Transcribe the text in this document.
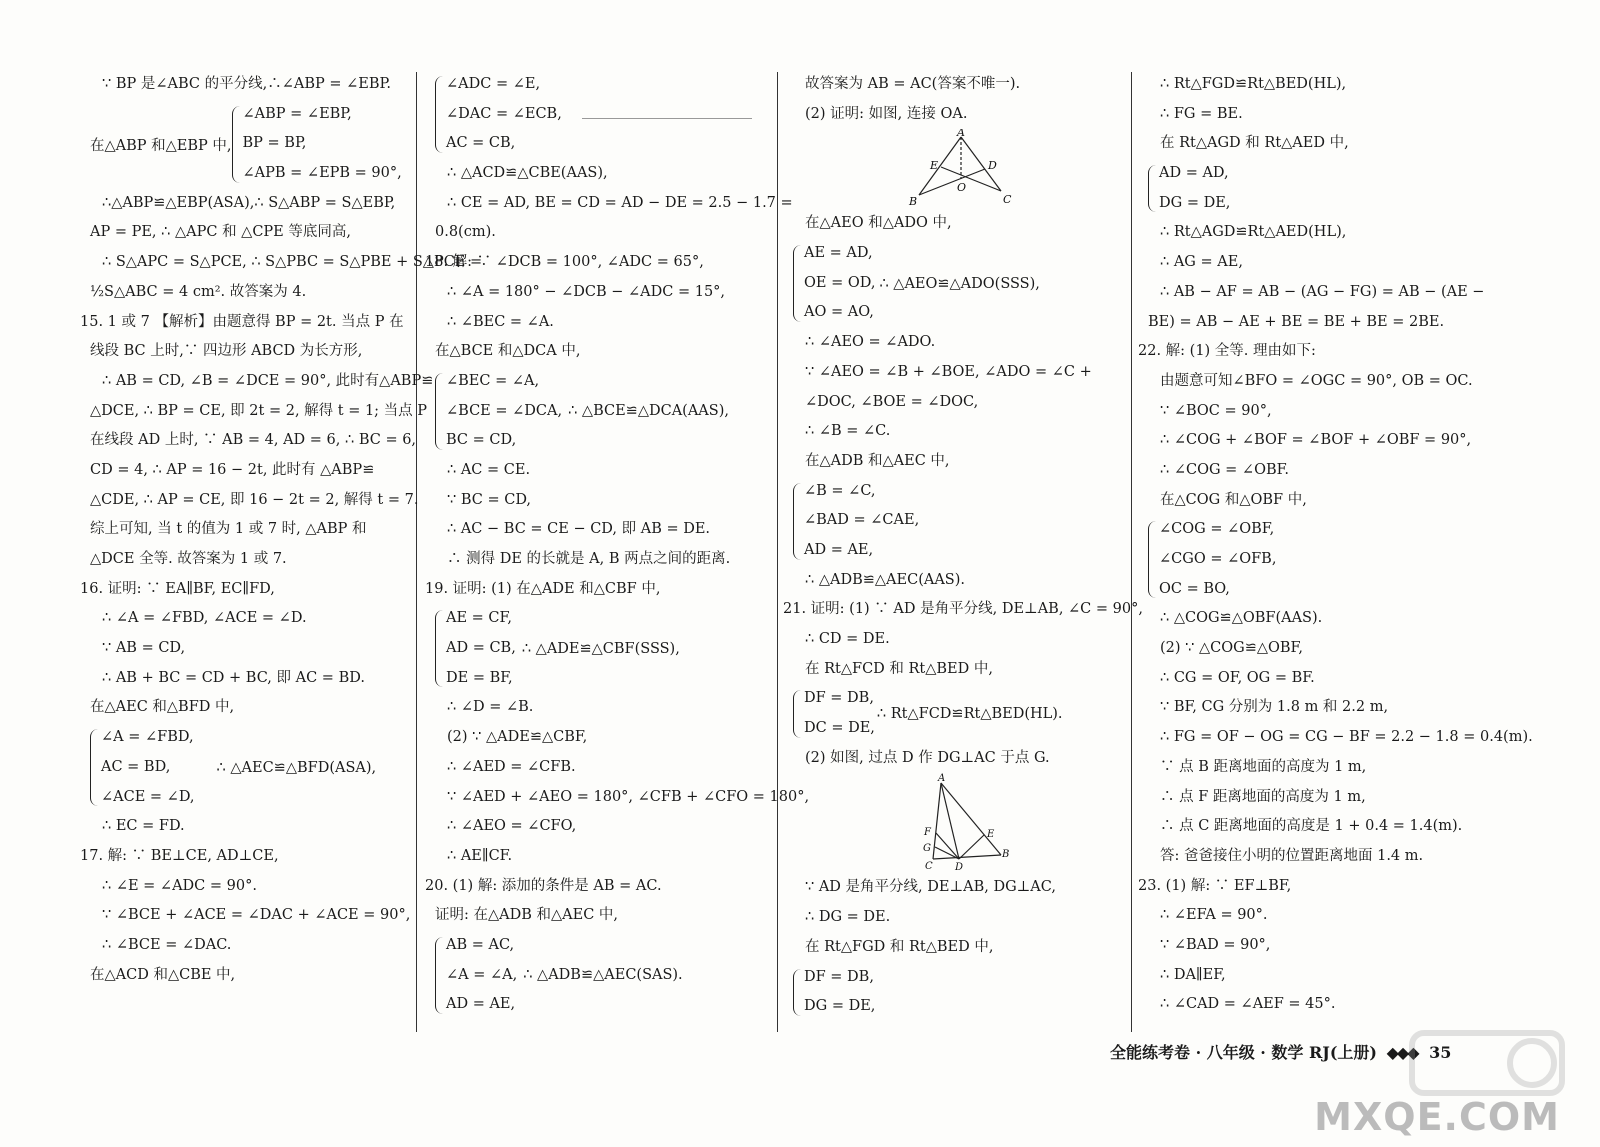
∵ BP 是∠ABC 的平分线,∴∠ABP = ∠EBP.
在△ABP 和△EBP 中,
∠ABP = ∠EBP,
BP = BP,
∠APB = ∠EPB = 90°,
∴△ABP≌△EBP(ASA),∴ S△ABP = S△EBP,
AP = PE, ∴ △APC 和 △CPE 等底同高,
∴ S△APC = S△PCE, ∴ S△PBC = S△PBE + S△PCE =
½S△ABC = 4 cm². 故答案为 4.
15. 1 或 7 【解析】由题意得 BP = 2t. 当点 P 在
线段 BC 上时,∵ 四边形 ABCD 为长方形,
∴ AB = CD, ∠B = ∠DCE = 90°, 此时有△ABP≌
△DCE, ∴ BP = CE, 即 2t = 2, 解得 t = 1; 当点 P
在线段 AD 上时, ∵ AB = 4, AD = 6, ∴ BC = 6,
CD = 4, ∴ AP = 16 − 2t, 此时有 △ABP≌
△CDE, ∴ AP = CE, 即 16 − 2t = 2, 解得 t = 7.
综上可知, 当 t 的值为 1 或 7 时, △ABP 和
△DCE 全等. 故答案为 1 或 7.
16. 证明: ∵ EA∥BF, EC∥FD,
∴ ∠A = ∠FBD, ∠ACE = ∠D.
∵ AB = CD,
∴ AB + BC = CD + BC, 即 AC = BD.
在△AEC 和△BFD 中,
∠A = ∠FBD,
AC = BD,
∠ACE = ∠D,
∴ △AEC≌△BFD(ASA),
∴ EC = FD.
17. 解: ∵ BE⊥CE, AD⊥CE,
∴ ∠E = ∠ADC = 90°.
∵ ∠BCE + ∠ACE = ∠DAC + ∠ACE = 90°,
∴ ∠BCE = ∠DAC.
在△ACD 和△CBE 中,
∠ADC = ∠E,
∠DAC = ∠ECB,
AC = CB,
∴ △ACD≌△CBE(AAS),
∴ CE = AD, BE = CD = AD − DE = 2.5 − 1.7 =
0.8(cm).
18. 解: ∵ ∠DCB = 100°, ∠ADC = 65°,
∴ ∠A = 180° − ∠DCB − ∠ADC = 15°,
∴ ∠BEC = ∠A.
在△BCE 和△DCA 中,
∠BEC = ∠A,
∠BCE = ∠DCA,
BC = CD,
∴ △BCE≌△DCA(AAS),
∴ AC = CE.
∵ BC = CD,
∴ AC − BC = CE − CD, 即 AB = DE.
∴ 测得 DE 的长就是 A, B 两点之间的距离.
19. 证明: (1) 在△ADE 和△CBF 中,
AE = CF,
AD = CB,
DE = BF,
∴ △ADE≌△CBF(SSS),
∴ ∠D = ∠B.
(2) ∵ △ADE≌△CBF,
∴ ∠AED = ∠CFB.
∵ ∠AED + ∠AEO = 180°, ∠CFB + ∠CFO = 180°,
∴ ∠AEO = ∠CFO,
∴ AE∥CF.
20. (1) 解: 添加的条件是 AB = AC.
证明: 在△ADB 和△AEC 中,
AB = AC,
∠A = ∠A,
AD = AE,
∴ △ADB≌△AEC(SAS).
故答案为 AB = AC(答案不唯一).
(2) 证明: 如图, 连接 OA.
A
E	D
O
B	C
在△AEO 和△ADO 中,
AE = AD,
OE = OD,
AO = AO,
∴ △AEO≌△ADO(SSS),
∴ ∠AEO = ∠ADO.
∵ ∠AEO = ∠B + ∠BOE, ∠ADO = ∠C +
∠DOC, ∠BOE = ∠DOC,
∴ ∠B = ∠C.
在△ADB 和△AEC 中,
∠B = ∠C,
∠BAD = ∠CAE,
AD = AE,
∴ △ADB≌△AEC(AAS).
21. 证明: (1) ∵ AD 是角平分线, DE⊥AB, ∠C = 90°,
∴ CD = DE.
在 Rt△FCD 和 Rt△BED 中,
DF = DB,
DC = DE,
∴ Rt△FCD≌Rt△BED(HL).
(2) 如图, 过点 D 作 DG⊥AC 于点 G.
A
F
G
E
B
C D
∵ AD 是角平分线, DE⊥AB, DG⊥AC,
∴ DG = DE.
在 Rt△FGD 和 Rt△BED 中,
DF = DB,
DG = DE,
∴ Rt△FGD≌Rt△BED(HL),
∴ FG = BE.
在 Rt△AGD 和 Rt△AED 中,
AD = AD,
DG = DE,
∴ Rt△AGD≌Rt△AED(HL),
∴ AG = AE,
∴ AB − AF = AB − (AG − FG) = AB − (AE −
BE) = AB − AE + BE = BE + BE = 2BE.
22. 解: (1) 全等. 理由如下:
由题意可知∠BFO = ∠OGC = 90°, OB = OC.
∵ ∠BOC = 90°,
∴ ∠COG + ∠BOF = ∠BOF + ∠OBF = 90°,
∴ ∠COG = ∠OBF.
在△COG 和△OBF 中,
∠COG = ∠OBF,
∠CGO = ∠OFB,
OC = BO,
∴ △COG≌△OBF(AAS).
(2) ∵ △COG≌△OBF,
∴ CG = OF, OG = BF.
∵ BF, CG 分别为 1.8 m 和 2.2 m,
∴ FG = OF − OG = CG − BF = 2.2 − 1.8 = 0.4(m).
∵ 点 B 距离地面的高度为 1 m,
∴ 点 F 距离地面的高度为 1 m,
∴ 点 C 距离地面的高度是 1 + 0.4 = 1.4(m).
答: 爸爸接住小明的位置距离地面 1.4 m.
23. (1) 解: ∵ EF⊥BF,
∴ ∠EFA = 90°.
∵ ∠BAD = 90°,
∴ DA∥EF,
∴ ∠CAD = ∠AEF = 45°.
全能练考卷 · 八年级 · 数学 RJ(上册) ◆◆◆ 35
MXQE.COM
